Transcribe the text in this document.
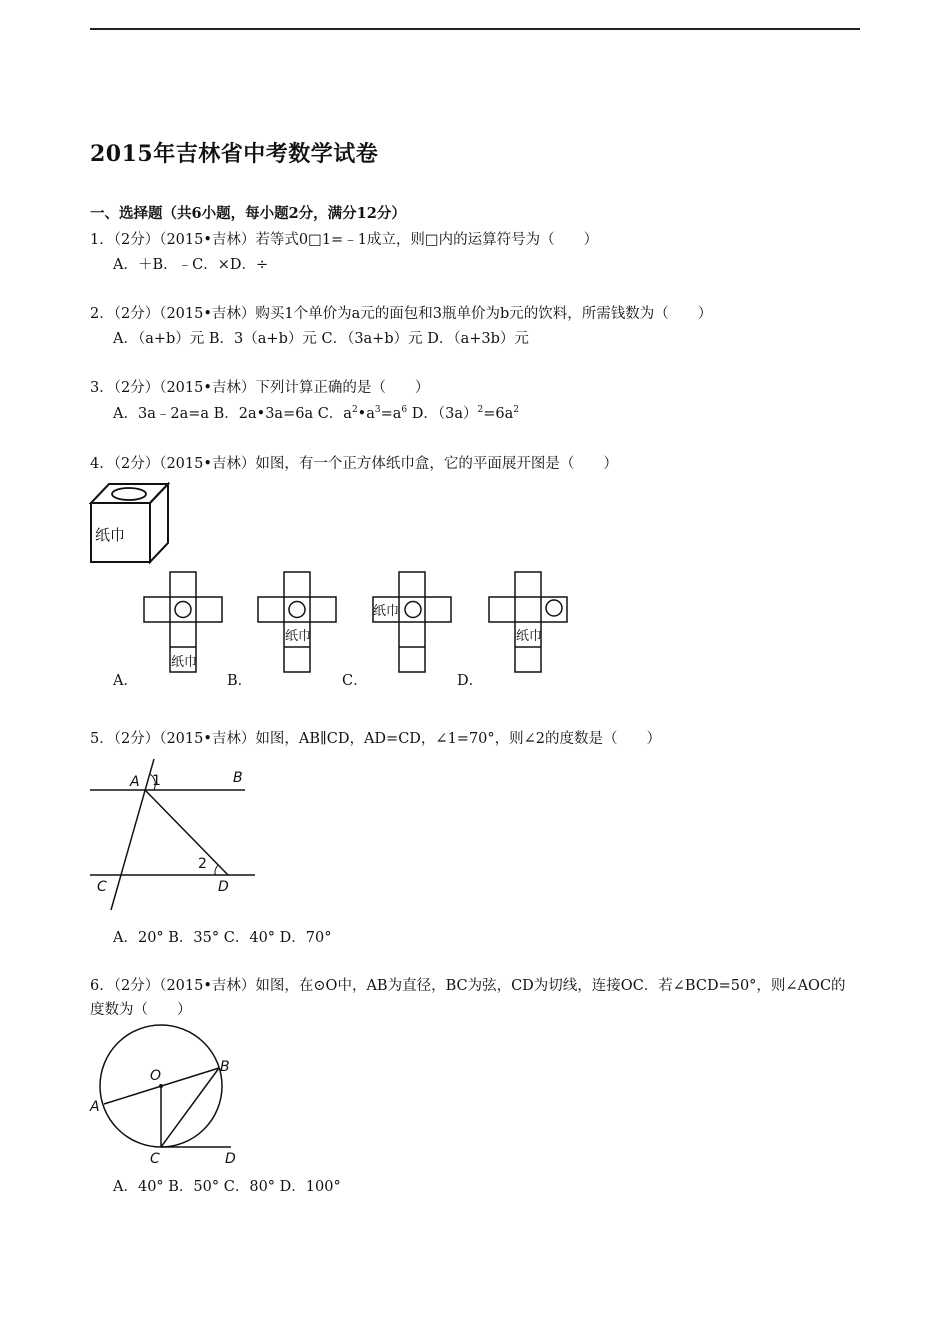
2015年吉林省中考数学试卷
一、选择题（共6小题，每小题2分，满分12分）
1．（2分）（2015•吉林）若等式0□1=﹣1成立，则□内的运算符号为（　　）
A．＋B．﹣C．×D．÷
2．（2分）（2015•吉林）购买1个单价为a元的面包和3瓶单价为b元的饮料，所需钱数为（　　）
A．（a+b）元 B．3（a+b）元 C．（3a+b）元 D．（a+3b）元
3．（2分）（2015•吉林）下列计算正确的是（　　）
A．3a﹣2a=a B．2a•3a=6a C．$a^2•a^3=a^6$ D．$(3a)^2=6a^2$
4．（2分）（2015•吉林）如图，有一个正方体纸巾盒，它的平面展开图是（　　）
纸巾
纸巾
纸巾
纸巾
纸巾
A．	B．	C．	D．
5．（2分）（2015•吉林）如图，AB∥CD，AD=CD，∠1=70°，则∠2的度数是（　　）
A 1	B
2
C	D
A．20° B．35° C．40° D．70°
6．（2分）（2015•吉林）如图，在⊙O中，AB为直径，BC为弦，CD为切线，连接OC．若∠BCD=50°，则∠AOC的度数为（　　）
O
A
B
C	D
A．40° B．50° C．80° D．100°
